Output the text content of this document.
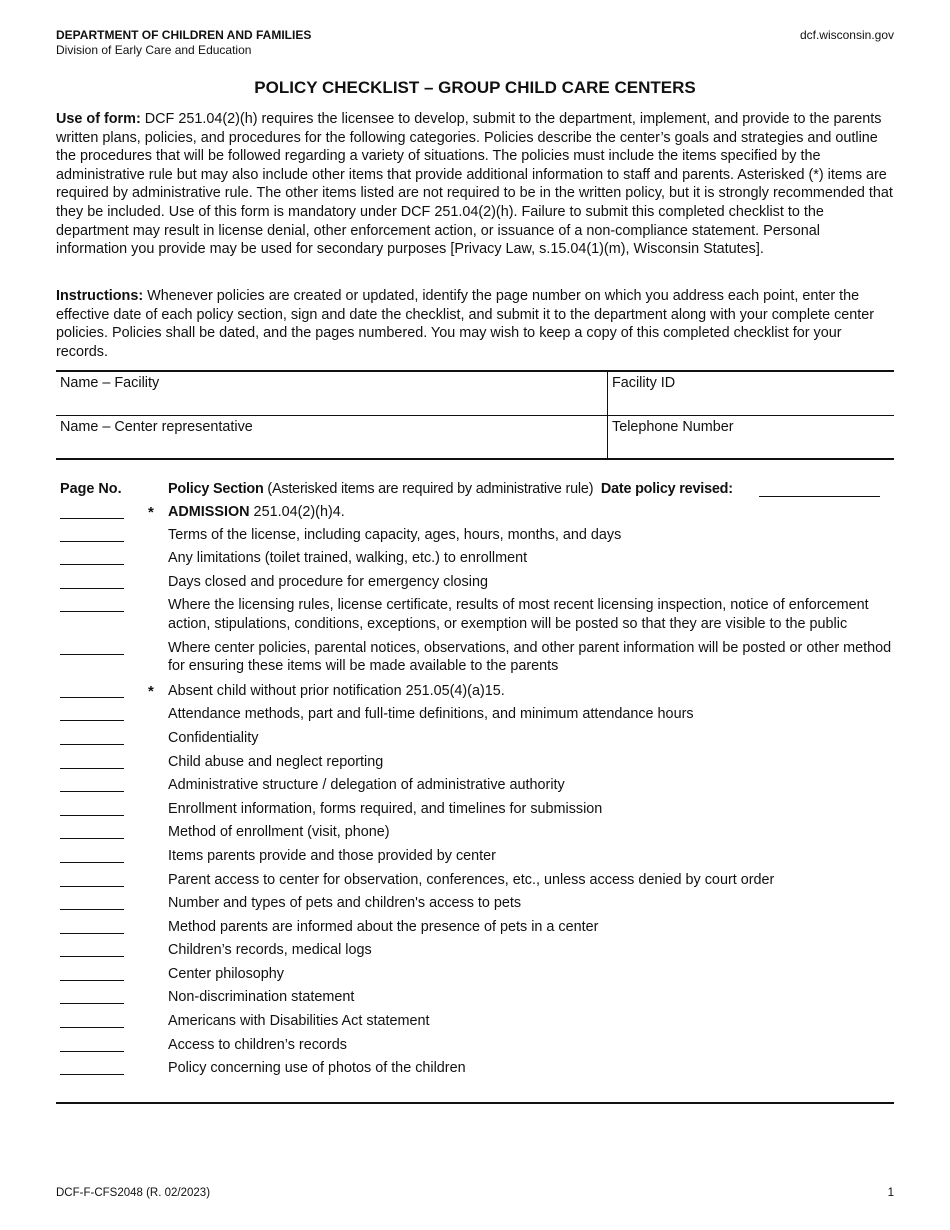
DEPARTMENT OF CHILDREN AND FAMILIES
Division of Early Care and Education
dcf.wisconsin.gov
POLICY CHECKLIST – GROUP CHILD CARE CENTERS

Use of form: DCF 251.04(2)(h) requires the licensee to develop, submit to the department, implement, and provide to the parents written plans, policies, and procedures for the following categories. Policies describe the center’s goals and strategies and outline the procedures that will be followed regarding a variety of situations. The policies must include the items specified by the administrative rule but may also include other items that provide additional information to staff and parents. Asterisked (*) items are required by administrative rule. The other items listed are not required to be in the written policy, but it is strongly recommended that they be included. Use of this form is mandatory under DCF 251.04(2)(h). Failure to submit this completed checklist to the department may result in license denial, other enforcement action, or issuance of a non-compliance statement. Personal information you provide may be used for secondary purposes [Privacy Law, s.15.04(1)(m), Wisconsin Statutes].

Instructions: Whenever policies are created or updated, identify the page number on which you address each point, enter the effective date of each policy section, sign and date the checklist, and submit it to the department along with your complete center policies. Policies shall be dated, and the pages numbered. You may wish to keep a copy of this completed checklist for your records.

Name – Facility	Facility ID
Name – Center representative	Telephone Number
Page No.	Policy Section (Asterisked items are required by administrative rule) Date policy revised:
* ADMISSION 251.04(2)(h)4.
Terms of the license, including capacity, ages, hours, months, and days
Any limitations (toilet trained, walking, etc.) to enrollment
Days closed and procedure for emergency closing
Where the licensing rules, license certificate, results of most recent licensing inspection, notice of enforcement action, stipulations, conditions, exceptions, or exemption will be posted so that they are visible to the public
Where center policies, parental notices, observations, and other parent information will be posted or other method for ensuring these items will be made available to the parents
* Absent child without prior notification 251.05(4)(a)15.
Attendance methods, part and full-time definitions, and minimum attendance hours
Confidentiality
Child abuse and neglect reporting
Administrative structure / delegation of administrative authority
Enrollment information, forms required, and timelines for submission
Method of enrollment (visit, phone)
Items parents provide and those provided by center
Parent access to center for observation, conferences, etc., unless access denied by court order
Number and types of pets and children's access to pets
Method parents are informed about the presence of pets in a center
Children’s records, medical logs
Center philosophy
Non-discrimination statement
Americans with Disabilities Act statement
Access to children’s records
Policy concerning use of photos of the children
DCF-F-CFS2048 (R. 02/2023)	1
